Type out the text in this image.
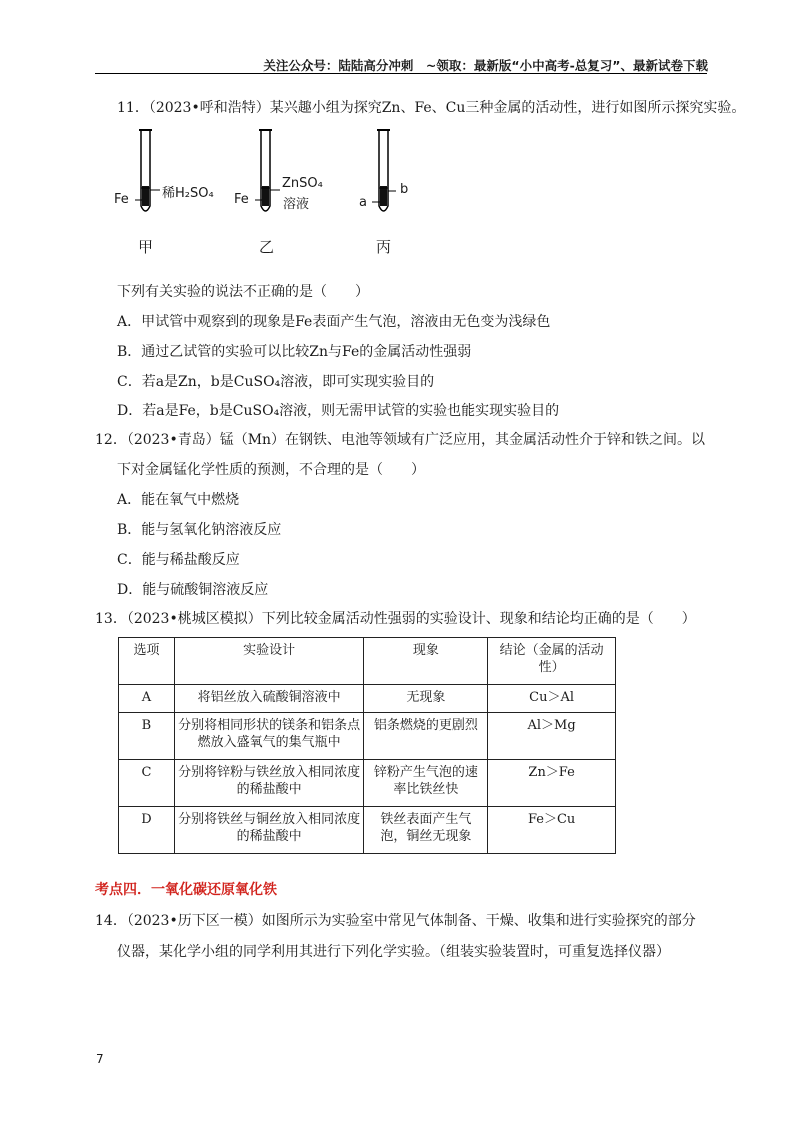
关注公众号：陆陆高分冲刺　~领取：最新版“小中高考-总复习”、最新试卷下载
11．（2023•呼和浩特）某兴趣小组为探究Zn、Fe、Cu三种金属的活动性，进行如图所示探究实验。
Fe	稀H₂SO₄
甲
Fe
ZnSO₄
溶液
乙
a
b
丙
下列有关实验的说法不正确的是（　　）
A．甲试管中观察到的现象是Fe表面产生气泡，溶液由无色变为浅绿色
B．通过乙试管的实验可以比较Zn与Fe的金属活动性强弱
C．若a是Zn，b是CuSO₄溶液，即可实现实验目的
D．若a是Fe，b是CuSO₄溶液，则无需甲试管的实验也能实现实验目的
12．（2023•青岛）锰（Mn）在钢铁、电池等领域有广泛应用，其金属活动性介于锌和铁之间。以
下对金属锰化学性质的预测，不合理的是（　　）
A．能在氧气中燃烧
B．能与氢氧化钠溶液反应
C．能与稀盐酸反应
D．能与硫酸铜溶液反应
13．（2023•桃城区模拟）下列比较金属活动性强弱的实验设计、现象和结论均正确的是（　　）
选项	实验设计	现象	结论（金属的活动性）
A	将铝丝放入硫酸铜溶液中	无现象	Cu＞Al
B	分别将相同形状的镁条和铝条点燃放入盛氧气的集气瓶中	铝条燃烧的更剧烈	Al＞Mg
C	分别将锌粉与铁丝放入相同浓度的稀盐酸中	锌粉产生气泡的速率比铁丝快	Zn＞Fe
D	分别将铁丝与铜丝放入相同浓度的稀盐酸中	铁丝表面产生气泡，铜丝无现象	Fe＞Cu
考点四．一氧化碳还原氧化铁
14．（2023•历下区一模）如图所示为实验室中常见气体制备、干燥、收集和进行实验探究的部分
仪器，某化学小组的同学利用其进行下列化学实验。（组装实验装置时，可重复选择仪器）
7
